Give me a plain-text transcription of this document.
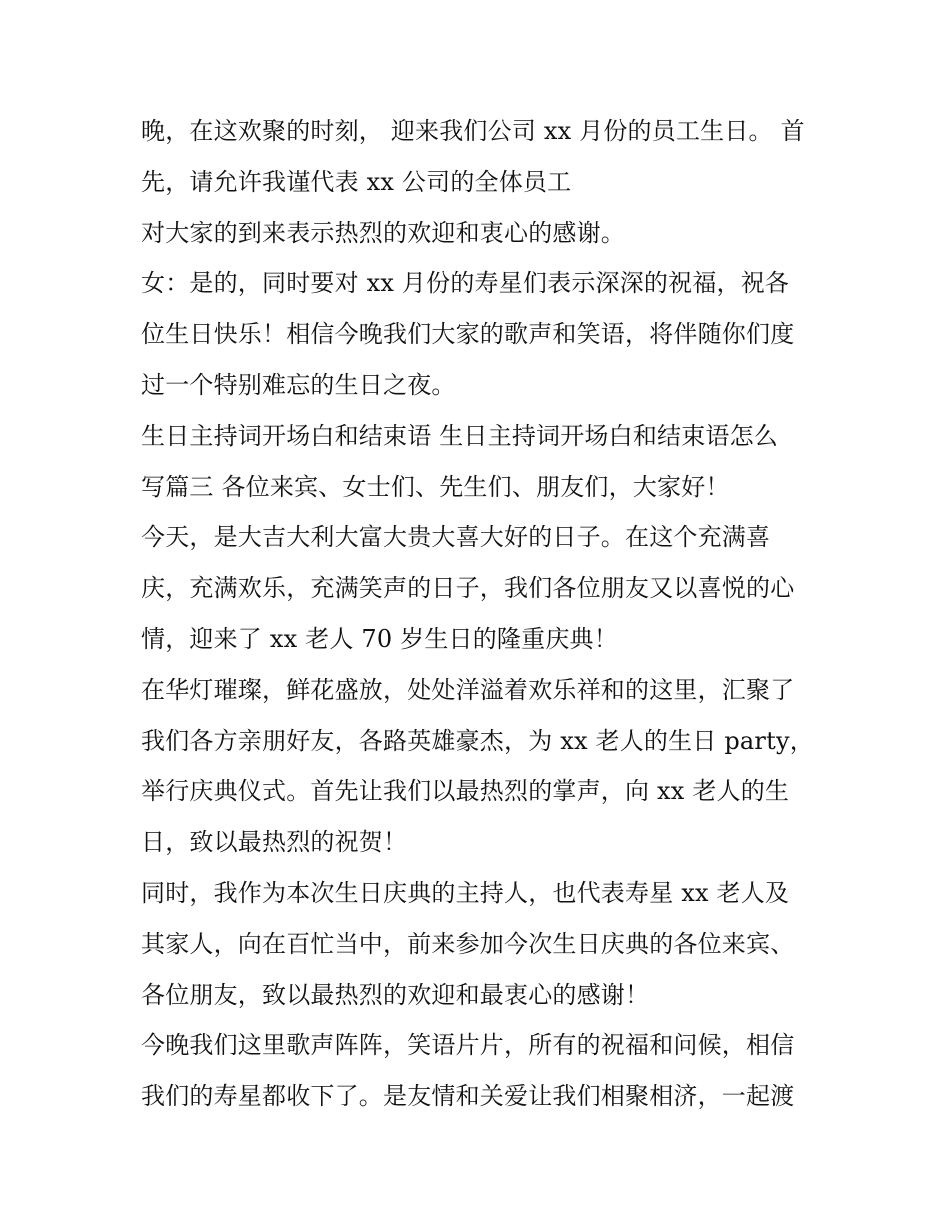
晚，在这欢聚的时刻， 迎来我们公司 xx 月份的员工生日。 首
先，请允许我谨代表 xx 公司的全体员工
对大家的到来表示热烈的欢迎和衷心的感谢。
女：是的，同时要对 xx 月份的寿星们表示深深的祝福，祝各
位生日快乐！相信今晚我们大家的歌声和笑语，将伴随你们度
过一个特别难忘的生日之夜。
生日主持词开场白和结束语 生日主持词开场白和结束语怎么
写篇三 各位来宾、女士们、先生们、朋友们，大家好！
今天，是大吉大利大富大贵大喜大好的日子。在这个充满喜
庆，充满欢乐，充满笑声的日子，我们各位朋友又以喜悦的心
情，迎来了 xx 老人 70 岁生日的隆重庆典！
在华灯璀璨，鲜花盛放，处处洋溢着欢乐祥和的这里，汇聚了
我们各方亲朋好友，各路英雄豪杰，为 xx 老人的生日 party，
举行庆典仪式。首先让我们以最热烈的掌声，向 xx 老人的生
日，致以最热烈的祝贺！
同时，我作为本次生日庆典的主持人，也代表寿星 xx 老人及
其家人，向在百忙当中，前来参加今次生日庆典的各位来宾、
各位朋友，致以最热烈的欢迎和最衷心的感谢！
今晚我们这里歌声阵阵，笑语片片，所有的祝福和问候，相信
我们的寿星都收下了。是友情和关爱让我们相聚相济，一起渡
